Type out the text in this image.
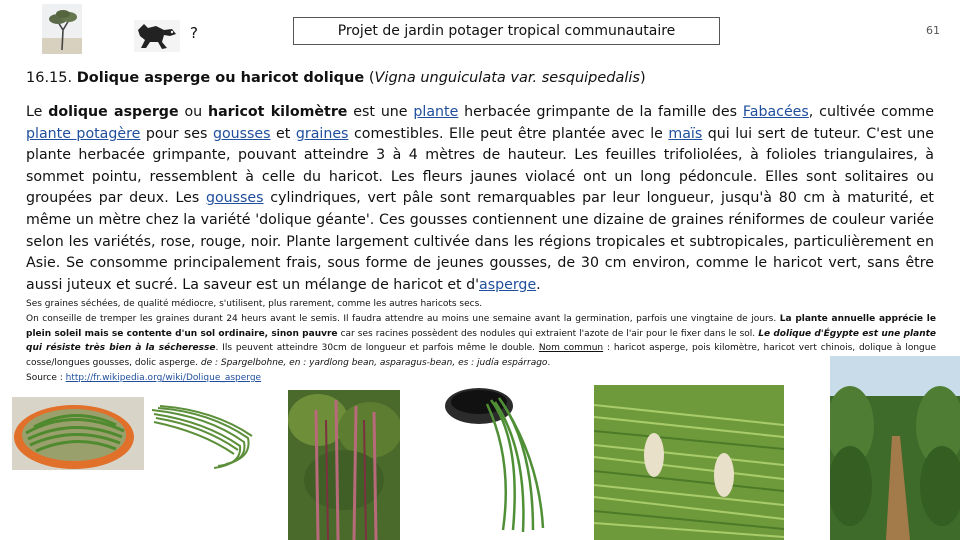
?	Projet de jardin potager tropical communautaire	61
16.15. Dolique asperge ou haricot dolique (Vigna unguiculata var. sesquipedalis)
Le dolique asperge ou haricot kilomètre est une plante herbacée grimpante de la famille des Fabacées, cultivée comme plante potagère pour ses gousses et graines comestibles. Elle peut être plantée avec le maïs qui lui sert de tuteur. C'est une plante herbacée grimpante, pouvant atteindre 3 à 4 mètres de hauteur. Les feuilles trifoliolées, à folioles triangulaires, à sommet pointu, ressemblent à celle du haricot. Les fleurs jaunes violacé ont un long pédoncule. Elles sont solitaires ou groupées par deux. Les gousses cylindriques, vert pâle sont remarquables par leur longueur, jusqu'à 80 cm à maturité, et même un mètre chez la variété 'dolique géante'. Ces gousses contiennent une dizaine de graines réniformes de couleur variée selon les variétés, rose, rouge, noir. Plante largement cultivée dans les régions tropicales et subtropicales, particulièrement en Asie. Se consomme principalement frais, sous forme de jeunes gousses, de 30 cm environ, comme le haricot vert, sans être aussi juteux et sucré. La saveur est un mélange de haricot et d'asperge.
Ses graines séchées, de qualité médiocre, s'utilisent, plus rarement, comme les autres haricots secs.
On conseille de tremper les graines durant 24 heurs avant le semis. Il faudra attendre au moins une semaine avant la germination, parfois une vingtaine de jours. La plante annuelle apprécie le plein soleil mais se contente d'un sol ordinaire, sinon pauvre car ses racines possèdent des nodules qui extraient l'azote de l'air pour le fixer dans le sol. Le dolique d'Égypte est une plante qui résiste très bien à la sécheresse. Ils peuvent atteindre 30cm de longueur et parfois même le double. Nom commun : haricot asperge, pois kilomètre, haricot vert chinois, dolique à longue cosse/longues gousses, dolic asperge. de : Spargelbohne, en : yardlong bean, asparagus-bean, es : judía espárrago.
Source : http://fr.wikipedia.org/wiki/Dolique_asperge
